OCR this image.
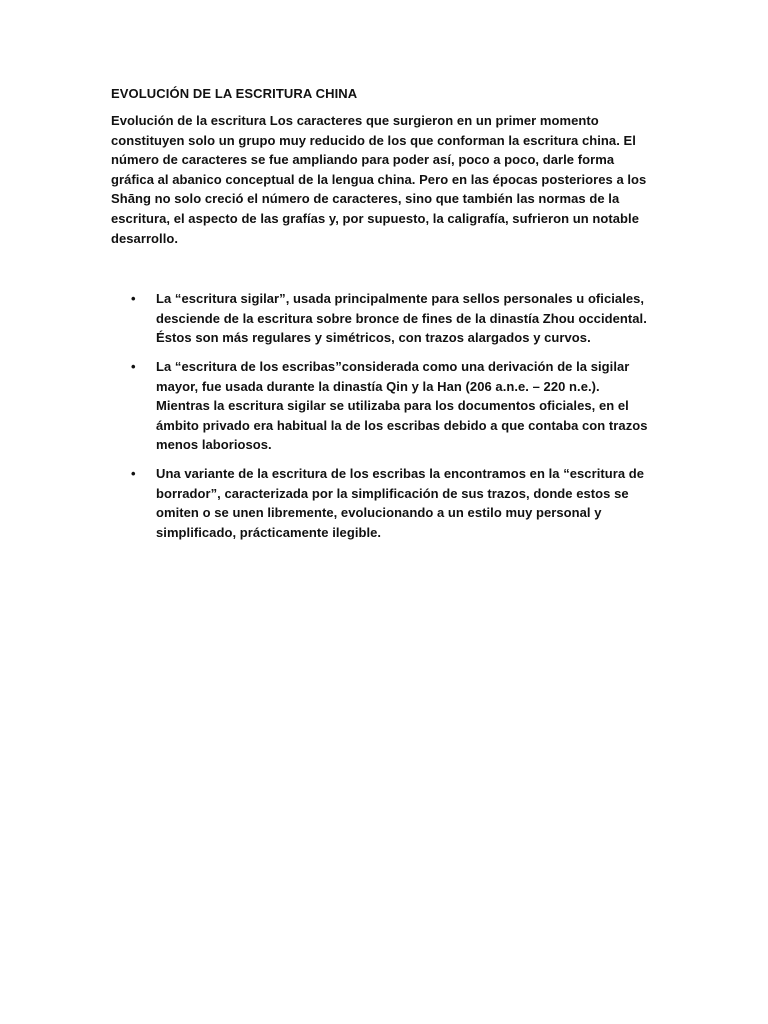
EVOLUCIÓN DE LA ESCRITURA CHINA

Evolución de la escritura Los caracteres que surgieron en un primer momento constituyen solo un grupo muy reducido de los que conforman la escritura china. El número de caracteres se fue ampliando para poder así, poco a poco, darle forma gráfica al abanico conceptual de la lengua china. Pero en las épocas posteriores a los Shāng no solo creció el número de caracteres, sino que también las normas de la escritura, el aspecto de las grafías y, por supuesto, la caligrafía, sufrieron un notable desarrollo.

• La “escritura sigilar”, usada principalmente para sellos personales u oficiales, desciende de la escritura sobre bronce de fines de la dinastía Zhou occidental. Éstos son más regulares y simétricos, con trazos alargados y curvos.
• La “escritura de los escribas”considerada como una derivación de la sigilar mayor, fue usada durante la dinastía Qin y la Han (206 a.n.e. – 220 n.e.). Mientras la escritura sigilar se utilizaba para los documentos oficiales, en el ámbito privado era habitual la de los escribas debido a que contaba con trazos menos laboriosos.
• Una variante de la escritura de los escribas la encontramos en la “escritura de borrador”, caracterizada por la simplificación de sus trazos, donde estos se omiten o se unen libremente, evolucionando a un estilo muy personal y simplificado, prácticamente ilegible.
